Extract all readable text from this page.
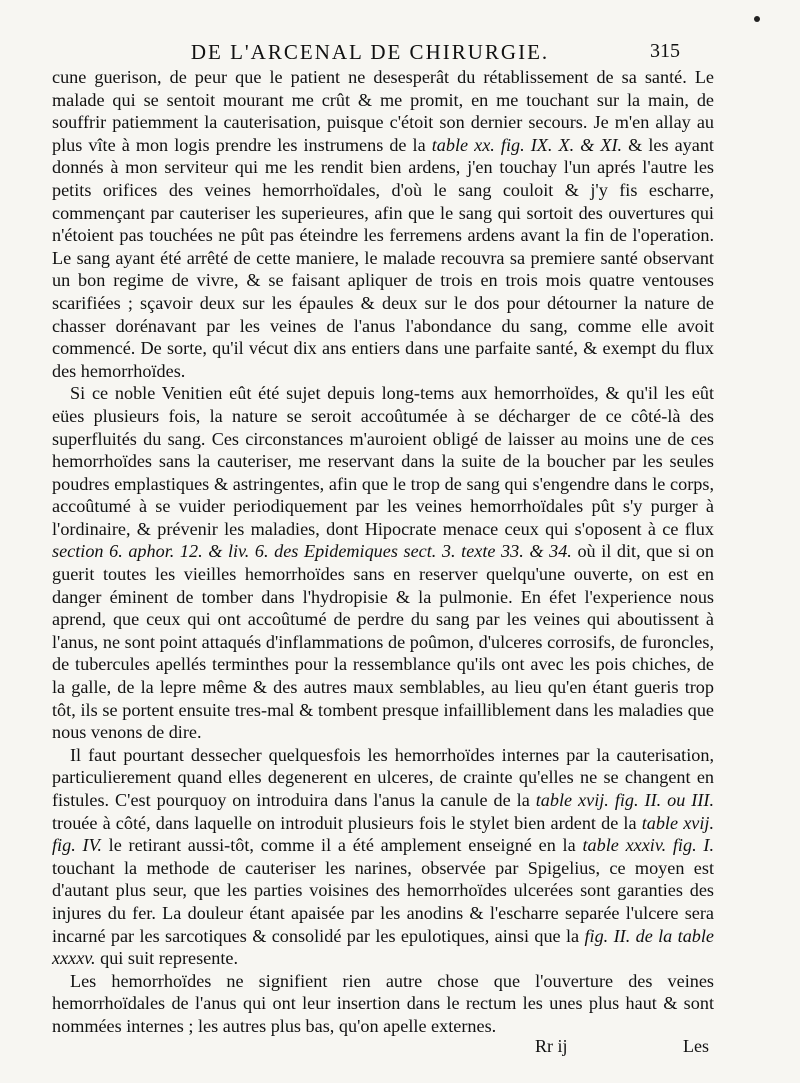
DE L'ARCENAL DE CHIRURGIE.	315

cune guerison, de peur que le patient ne desesperât du rétablissement de sa santé. Le malade qui se sentoit mourant me crût & me promit, en me touchant sur la main, de souffrir patiemment la cauterisation, puisque c'étoit son dernier secours. Je m'en allay au plus vîte à mon logis prendre les instrumens de la table xx. fig. IX. X. & XI. & les ayant donnés à mon serviteur qui me les rendit bien ardens, j'en touchay l'un aprés l'autre les petits orifices des veines hemorrhoïdales, d'où le sang couloit & j'y fis escharre, commençant par cauteriser les superieures, afin que le sang qui sortoit des ouvertures qui n'étoient pas touchées ne pût pas éteindre les ferremens ardens avant la fin de l'operation. Le sang ayant été arrêté de cette maniere, le malade recouvra sa premiere santé observant un bon regime de vivre, & se faisant apliquer de trois en trois mois quatre ventouses scarifiées ; sçavoir deux sur les épaules & deux sur le dos pour détourner la nature de chasser dorénavant par les veines de l'anus l'abondance du sang, comme elle avoit commencé. De sorte, qu'il vécut dix ans entiers dans une parfaite santé, & exempt du flux des hemorrhoïdes.

Si ce noble Venitien eût été sujet depuis long-tems aux hemorrhoïdes, & qu'il les eût eües plusieurs fois, la nature se seroit accoûtumée à se décharger de ce côté-là des superfluités du sang. Ces circonstances m'auroient obligé de laisser au moins une de ces hemorrhoïdes sans la cauteriser, me reservant dans la suite de la boucher par les seules poudres emplastiques & astringentes, afin que le trop de sang qui s'engendre dans le corps, accoûtumé à se vuider periodiquement par les veines hemorrhoïdales pût s'y purger à l'ordinaire, & prévenir les maladies, dont Hipocrate menace ceux qui s'oposent à ce flux section 6. aphor. 12. & liv. 6. des Epidemiques sect. 3. texte 33. & 34. où il dit, que si on guerit toutes les vieilles hemorrhoïdes sans en reserver quelqu'une ouverte, on est en danger éminent de tomber dans l'hydropisie & la pulmonie. En éfet l'experience nous aprend, que ceux qui ont accoûtumé de perdre du sang par les veines qui aboutissent à l'anus, ne sont point attaqués d'inflammations de poûmon, d'ulceres corrosifs, de furoncles, de tubercules apellés terminthes pour la ressemblance qu'ils ont avec les pois chiches, de la galle, de la lepre même & des autres maux semblables, au lieu qu'en étant gueris trop tôt, ils se portent ensuite tres-mal & tombent presque infailliblement dans les maladies que nous venons de dire.

Il faut pourtant dessecher quelquesfois les hemorrhoïdes internes par la cauterisation, particulierement quand elles degenerent en ulceres, de crainte qu'elles ne se changent en fistules. C'est pourquoy on introduira dans l'anus la canule de la table xvij. fig. II. ou III. trouée à côté, dans laquelle on introduit plusieurs fois le stylet bien ardent de la table xvij. fig. IV. le retirant aussi-tôt, comme il a été amplement enseigné en la table xxxiv. fig. I. touchant la methode de cauteriser les narines, observée par Spigelius, ce moyen est d'autant plus seur, que les parties voisines des hemorrhoïdes ulcerées sont garanties des injures du fer. La douleur étant apaisée par les anodins & l'escharre separée l'ulcere sera incarné par les sarcotiques & consolidé par les epulotiques, ainsi que la fig. II. de la table xxxxv. qui suit represente.

Les hemorrhoïdes ne signifient rien autre chose que l'ouverture des veines hemorrhoïdales de l'anus qui ont leur insertion dans le rectum les unes plus haut & sont nommées internes ; les autres plus bas, qu'on apelle externes.

Rr ij	Les
